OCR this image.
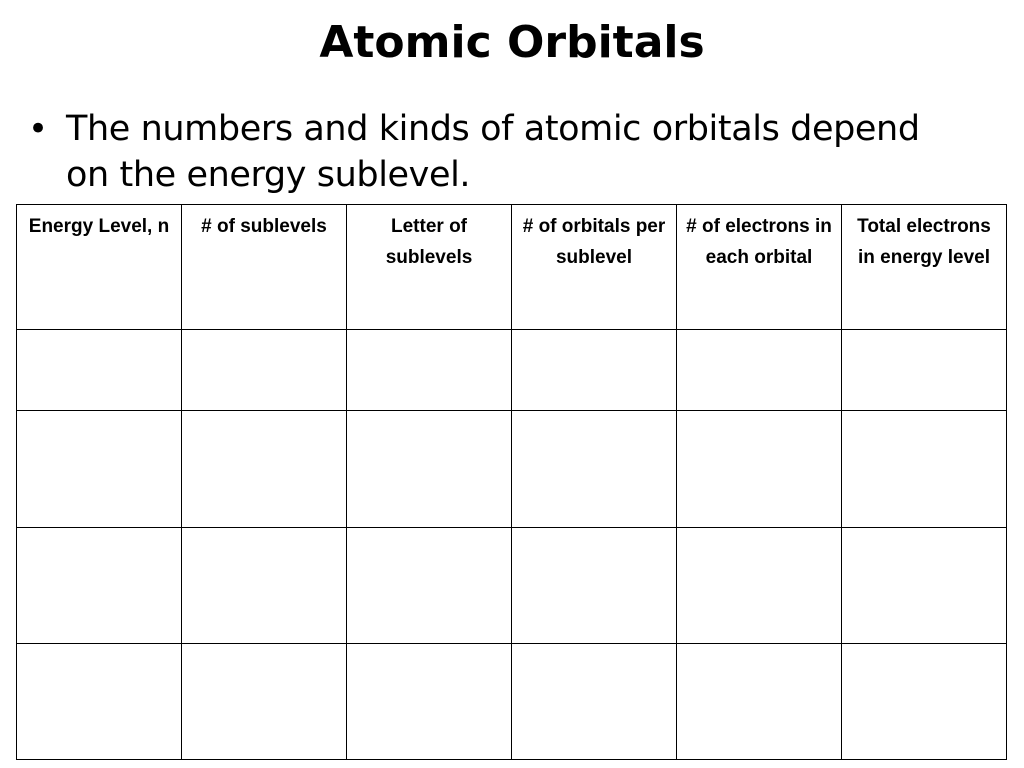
Atomic Orbitals
• The numbers and kinds of atomic orbitals depend on the energy sublevel.
Energy Level, n	# of sublevels	Letter of sublevels	# of orbitals per sublevel	# of electrons in each orbital	Total electrons in energy level
